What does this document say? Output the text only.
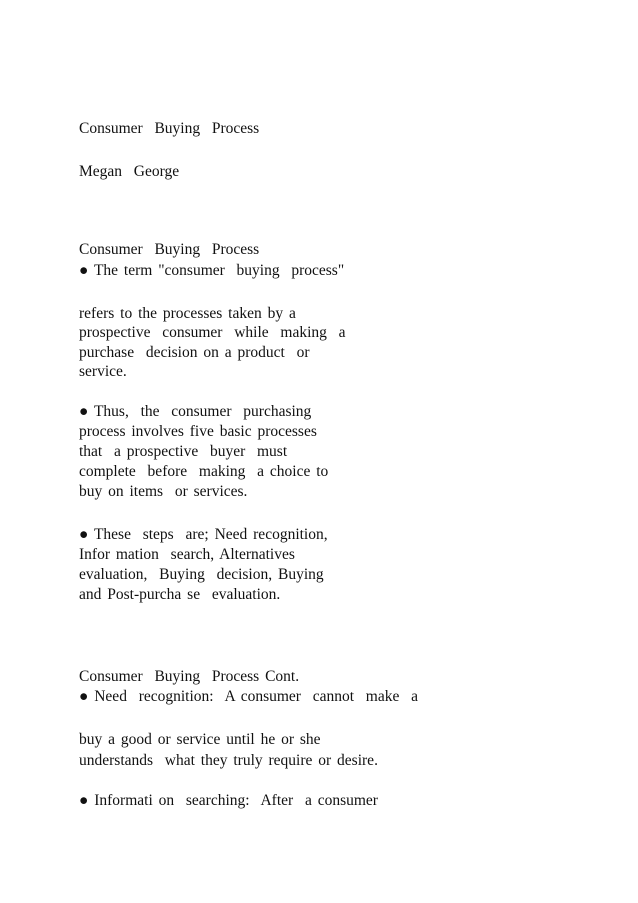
Consumer  Buying  Process
Megan  George
Consumer  Buying  Process
● The term "consumer  buying  process"
refers to the processes taken by a
prospective  consumer  while  making  a
purchase  decision on a product  or
service.
● Thus,  the  consumer  purchasing
process involves five basic processes
that  a prospective  buyer  must
complete  before  making  a choice to
buy on items  or services.
● These  steps  are; Need recognition,
Infor mation  search, Alternatives
evaluation,  Buying  decision, Buying
and Post-purcha se  evaluation.
Consumer  Buying  Process Cont.
● Need  recognition:  A consumer  cannot  make  a
buy a good or service until he or she
understands  what they truly require or desire.
● Informati on  searching:  After  a consumer
